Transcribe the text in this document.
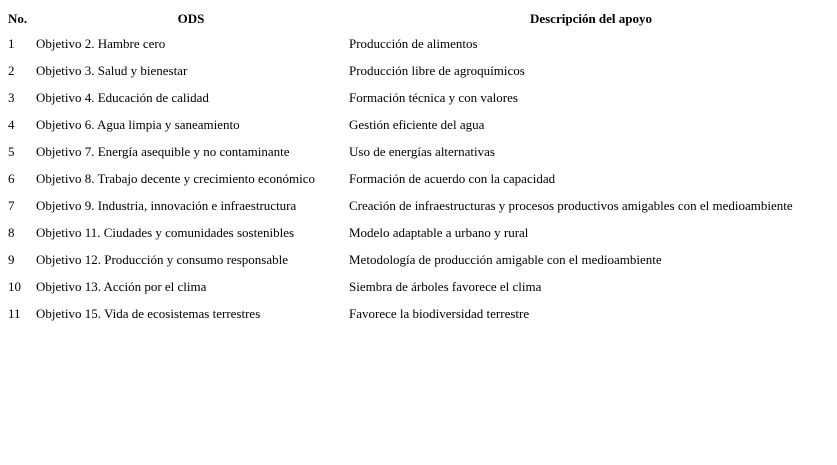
No.	ODS	Descripción del apoyo
1	Objetivo 2. Hambre cero	Producción de alimentos
2	Objetivo 3. Salud y bienestar	Producción libre de agroquímicos
3	Objetivo 4. Educación de calidad	Formación técnica y con valores
4	Objetivo 6. Agua limpia y saneamiento	Gestión eficiente del agua
5	Objetivo 7. Energía asequible y no contaminante	Uso de energías alternativas
6	Objetivo 8. Trabajo decente y crecimiento económico	Formación de acuerdo con la capacidad
7	Objetivo 9. Industria, innovación e infraestructura	Creación de infraestructuras y procesos productivos amigables con el medioambiente
8	Objetivo 11. Ciudades y comunidades sostenibles	Modelo adaptable a urbano y rural
9	Objetivo 12. Producción y consumo responsable	Metodología de producción amigable con el medioambiente
10	Objetivo 13. Acción por el clima	Siembra de árboles favorece el clima
11	Objetivo 15. Vida de ecosistemas terrestres	Favorece la biodiversidad terrestre
